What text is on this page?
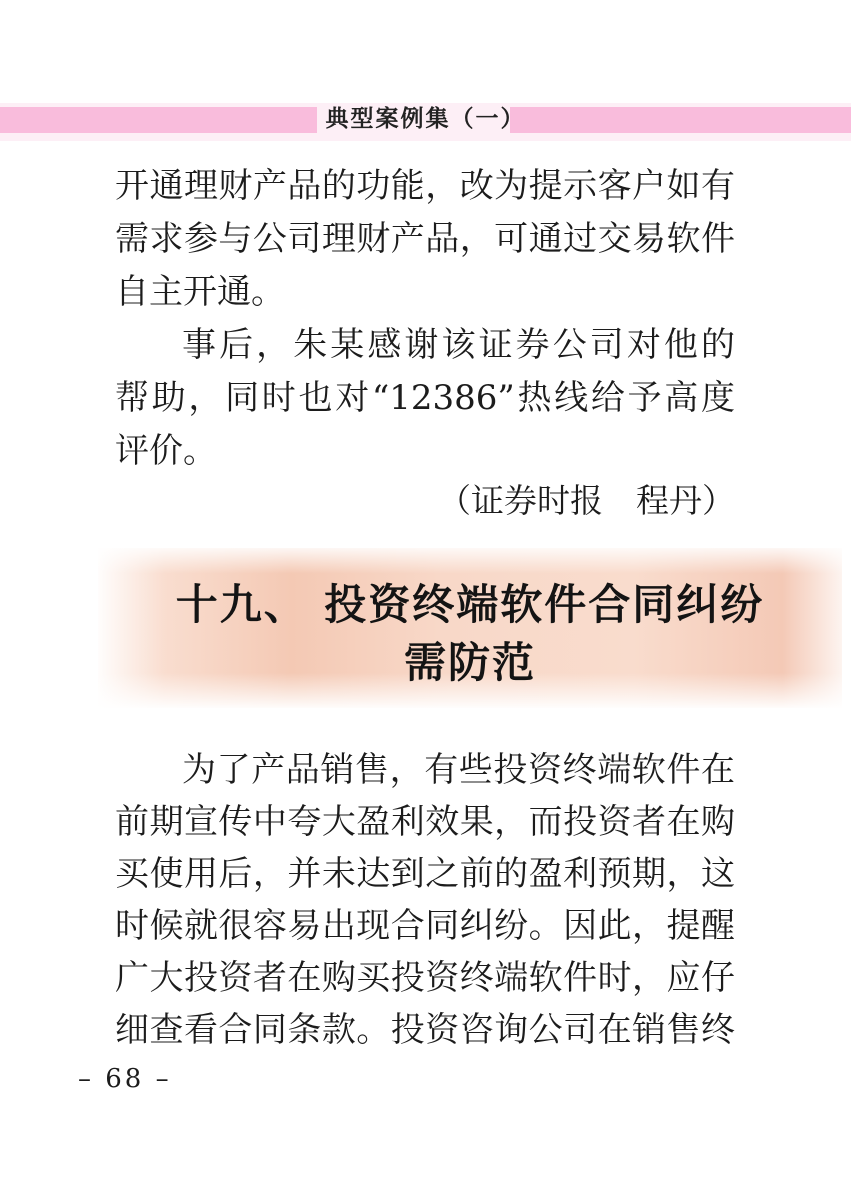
典型案例集（一）
开通理财产品的功能，改为提示客户如有
需求参与公司理财产品，可通过交易软件
自主开通。
事后，朱某感谢该证券公司对他的
帮助，同时也对“12386”热线给予高度
评价。
（证券时报　程丹）
十九、 投资终端软件合同纠纷
需防范
为了产品销售，有些投资终端软件在
前期宣传中夸大盈利效果，而投资者在购
买使用后，并未达到之前的盈利预期，这
时候就很容易出现合同纠纷。因此，提醒
广大投资者在购买投资终端软件时，应仔
细查看合同条款。投资咨询公司在销售终
– 68 –
